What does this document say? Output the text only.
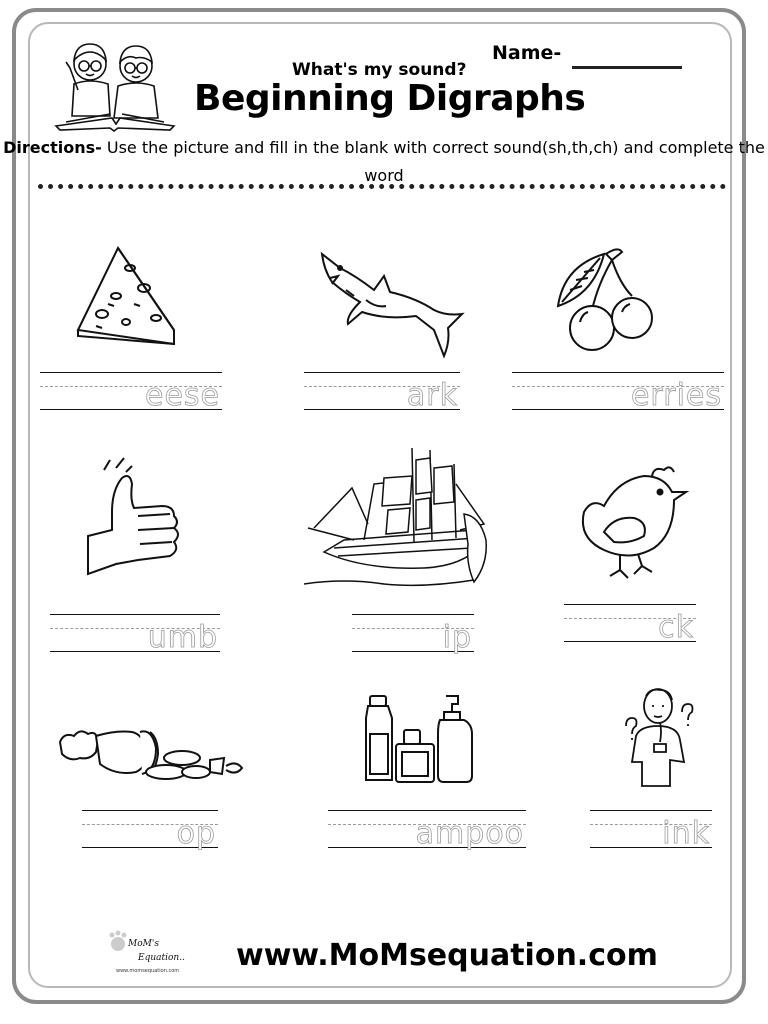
What's my sound?
Name-
Beginning Digraphs
Directions- Use the picture and fill in the blank with correct sound(sh,th,ch) and complete the word
eese	ark	erries
umb	ip	ck
op	ampoo	ink
MoM's
Equation..
www.momsequation.com www.MoMsequation.com
